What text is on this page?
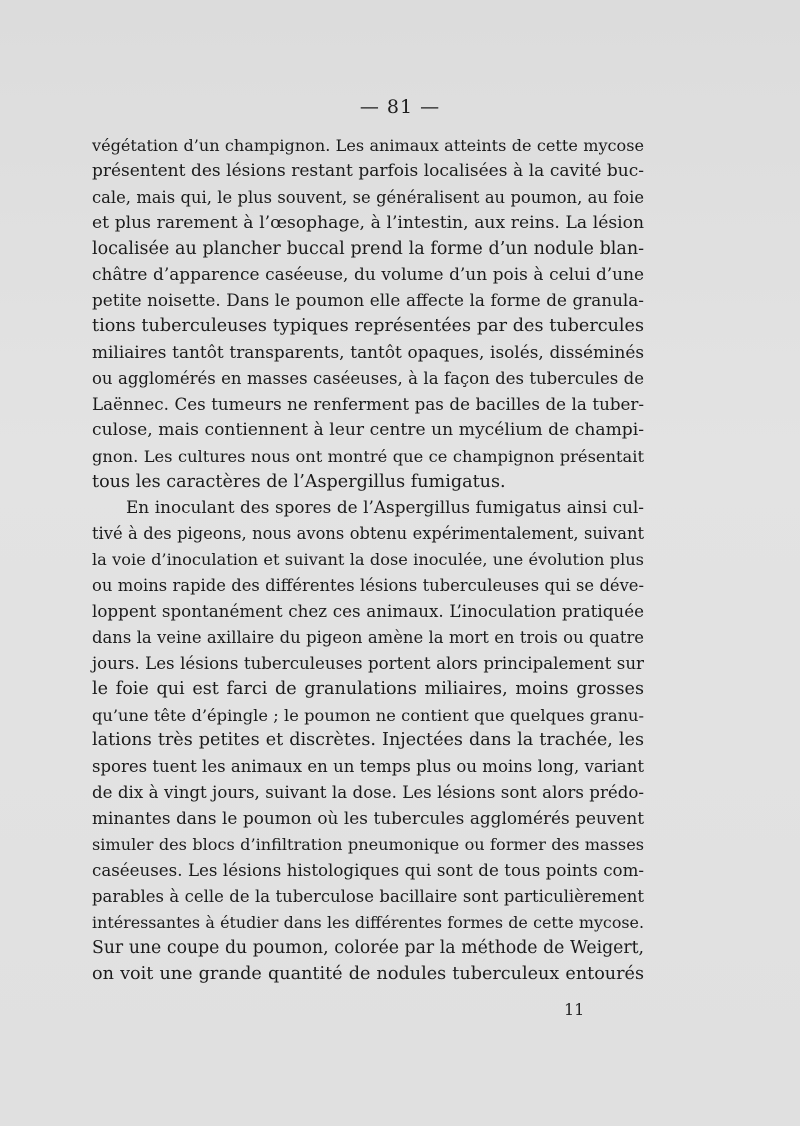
— 81 —
végétation d’un champignon. Les animaux atteints de cette mycose
présentent des lésions restant parfois localisées à la cavité buc-
cale, mais qui, le plus souvent, se généralisent au poumon, au foie
et plus rarement à l’œsophage, à l’intestin, aux reins. La lésion
localisée au plancher buccal prend la forme d’un nodule blan-
châtre d’apparence caséeuse, du volume d’un pois à celui d’une
petite noisette. Dans le poumon elle affecte la forme de granula-
tions tuberculeuses typiques représentées par des tubercules
miliaires tantôt transparents, tantôt opaques, isolés, disséminés
ou agglomérés en masses caséeuses, à la façon des tubercules de
Laënnec. Ces tumeurs ne renferment pas de bacilles de la tuber-
culose, mais contiennent à leur centre un mycélium de champi-
gnon. Les cultures nous ont montré que ce champignon présentait
tous les caractères de l’Aspergillus fumigatus.
En inoculant des spores de l’Aspergillus fumigatus ainsi cul-
tivé à des pigeons, nous avons obtenu expérimentalement, suivant
la voie d’inoculation et suivant la dose inoculée, une évolution plus
ou moins rapide des différentes lésions tuberculeuses qui se déve-
loppent spontanément chez ces animaux. L’inoculation pratiquée
dans la veine axillaire du pigeon amène la mort en trois ou quatre
jours. Les lésions tuberculeuses portent alors principalement sur
le foie qui est farci de granulations miliaires, moins grosses
qu’une tête d’épingle ; le poumon ne contient que quelques granu-
lations très petites et discrètes. Injectées dans la trachée, les
spores tuent les animaux en un temps plus ou moins long, variant
de dix à vingt jours, suivant la dose. Les lésions sont alors prédo-
minantes dans le poumon où les tubercules agglomérés peuvent
simuler des blocs d’infiltration pneumonique ou former des masses
caséeuses. Les lésions histologiques qui sont de tous points com-
parables à celle de la tuberculose bacillaire sont particulièrement
intéressantes à étudier dans les différentes formes de cette mycose.
Sur une coupe du poumon, colorée par la méthode de Weigert,
on voit une grande quantité de nodules tuberculeux entourés
11
